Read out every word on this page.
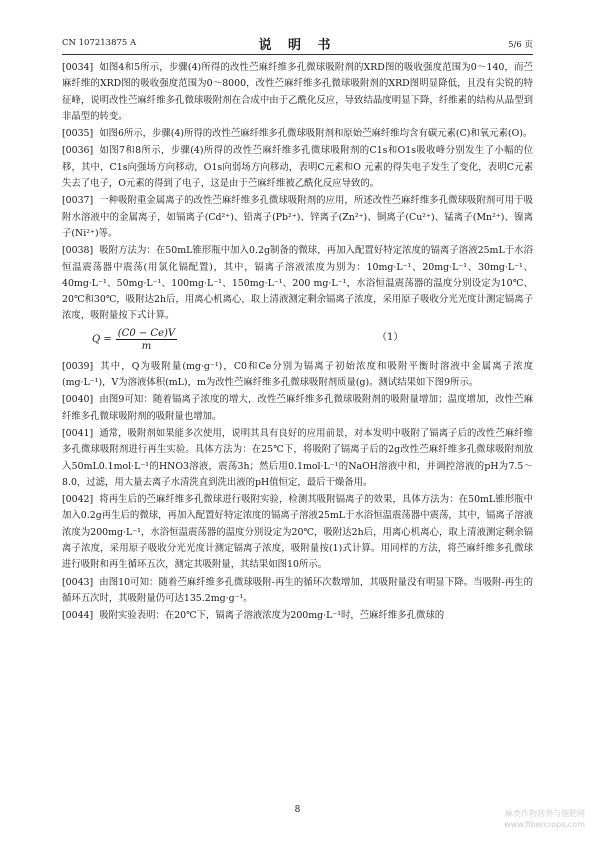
CN 107213875 A	说 明 书	5/6 页

[0034] 如图4和5所示，步骤(4)所得的改性苎麻纤维多孔微球吸附剂的XRD图的吸收强度范围为0～140，而苎麻纤维的XRD图的吸收强度范围为0～8000，改性苎麻纤维多孔微球吸附剂的XRD图明显降低，且没有尖锐的特征峰，说明改性苎麻纤维多孔微球吸附剂在合成中由于乙酰化反应，导致结晶度明显下降，纤维素的结构从晶型到非晶型的转变。

[0035] 如图6所示，步骤(4)所得的改性苎麻纤维多孔微球吸附剂和原始苎麻纤维均含有碳元素(C)和氧元素(O)。

[0036] 如图7和8所示，步骤(4)所得的改性苎麻纤维多孔微球吸附剂的C1s和O1s吸收峰分别发生了小幅的位移，其中，C1s向强场方向移动，O1s向弱场方向移动，表明C元素和O 元素的得失电子发生了变化，表明C元素失去了电子，O元素的得到了电子，这是由于苎麻纤维被乙酰化反应导致的。

[0037] 一种吸附重金属离子的改性苎麻纤维多孔微球吸附剂的应用，所述改性苎麻纤维多孔微球吸附剂可用于吸附水溶液中的金属离子，如镉离子(Cd²⁺)、铅离子(Pb²⁺)、锌离子(Zn²⁺)、铜离子(Cu²⁺)、锰离子(Mn²⁺)、镍离子(Ni²⁺)等。

[0038] 吸附方法为：在50mL锥形瓶中加入0.2g制备的微球，再加入配置好特定浓度的镉离子溶液25mL于水浴恒温震荡器中震荡(用氯化镉配置)，其中，镉离子溶液浓度为别为：10mg·L⁻¹、20mg·L⁻¹、30mg·L⁻¹、40mg·L⁻¹、50mg·L⁻¹、100mg·L⁻¹、150mg·L⁻¹、200 mg·L⁻¹，水浴恒温震荡器的温度分别设定为10℃、20℃和30℃，吸附达2h后，用离心机离心，取上清液测定剩余镉离子浓度，采用原子吸收分光光度计测定镉离子浓度，吸附量按下式计算。

$Q = \frac{(C0 - Ce)V}{m}$	（1）

[0039] 其中，Q为吸附量(mg·g⁻¹)，C0和Ce分别为镉离子初始浓度和吸附平衡时溶液中金属离子浓度(mg·L⁻¹)，V为溶液体积(mL)，m为改性苎麻纤维多孔微球吸附剂质量(g)。测试结果如下图9所示。

[0040] 由图9可知：随着镉离子浓度的增大，改性苎麻纤维多孔微球吸附剂的吸附量增加；温度增加，改性苎麻纤维多孔微球吸附剂的吸附量也增加。

[0041] 通常，吸附剂如果能多次使用，说明其具有良好的应用前景，对本发明中吸附了镉离子后的改性苎麻纤维多孔微球吸附剂进行再生实验。具体方法为：在25℃下，将吸附了镉离子后的2g改性苎麻纤维多孔微球吸附剂放入50mL0.1mol·L⁻¹的HNO3溶液，震荡3h；然后用0.1mol·L⁻¹的NaOH溶液中和，并调控溶液的pH为7.5～8.0，过滤，用大量去离子水清洗直到洗出液的pH值恒定，最后干燥备用。

[0042] 将再生后的苎麻纤维多孔微球进行吸附实验，检测其吸附镉离子的效果，具体方法为：在50mL锥形瓶中加入0.2g再生后的微球，再加入配置好特定浓度的镉离子溶液25mL于水浴恒温震荡器中震荡，其中，镉离子溶液浓度为200mg·L⁻¹，水浴恒温震荡器的温度分别设定为20℃，吸附达2h后，用离心机离心，取上清液测定剩余镉离子浓度，采用原子吸收分光光度计测定镉离子浓度，吸附量按(1)式计算。用同样的方法，将苎麻纤维多孔微球进行吸附和再生循环五次，测定其吸附量，其结果如图10所示。

[0043] 由图10可知：随着苎麻纤维多孔微球吸附-再生的循环次数增加，其吸附量没有明显下降。当吸附-再生的循环五次时，其吸附量仍可达135.2mg·g⁻¹。

[0044] 吸附实验表明：在20℃下，镉离子溶液浓度为200mg·L⁻¹时，苎麻纤维多孔微球的

8	麻类作物营养与施肥网
www.fibercrops.com
